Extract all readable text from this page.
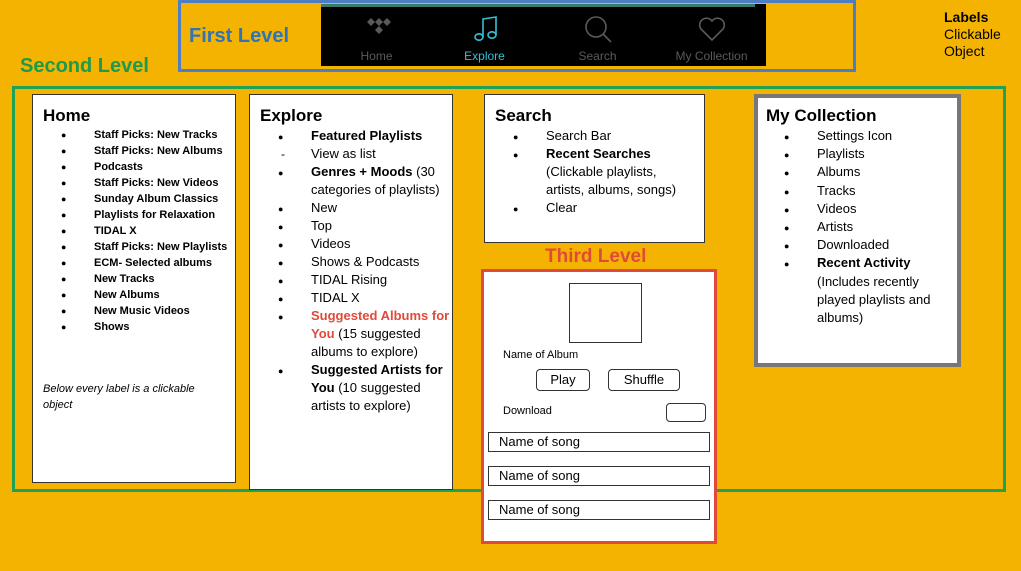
First Level
Home	Explore	Search	My Collection
Labels
Clickable
Object
Second Level
Home
● Staff Picks: New Tracks
● Staff Picks: New Albums
● Podcasts
● Staff Picks: New Videos
● Sunday Album Classics
● Playlists for Relaxation
● TIDAL X
● Staff Picks: New Playlists
● ECM- Selected albums
● New Tracks
● New Albums
● New Music Videos
● Shows
Below every label is a clickable object
Explore
● Featured Playlists
- View as list
● Genres + Moods (30 categories of playlists)
● New
● Top
● Videos
● Shows & Podcasts
● TIDAL Rising
● TIDAL X
● Suggested Albums for You (15 suggested albums to explore)
● Suggested Artists for You (10 suggested artists to explore)
Search
● Search Bar
● Recent Searches
(Clickable playlists, artists, albums, songs)
● Clear
Third Level
Name of Album
Play	Shuffle
Download
Name of song
Name of song
Name of song
My Collection
● Settings Icon
● Playlists
● Albums
● Tracks
● Videos
● Artists
● Downloaded
● Recent Activity
(Includes recently played playlists and albums)
